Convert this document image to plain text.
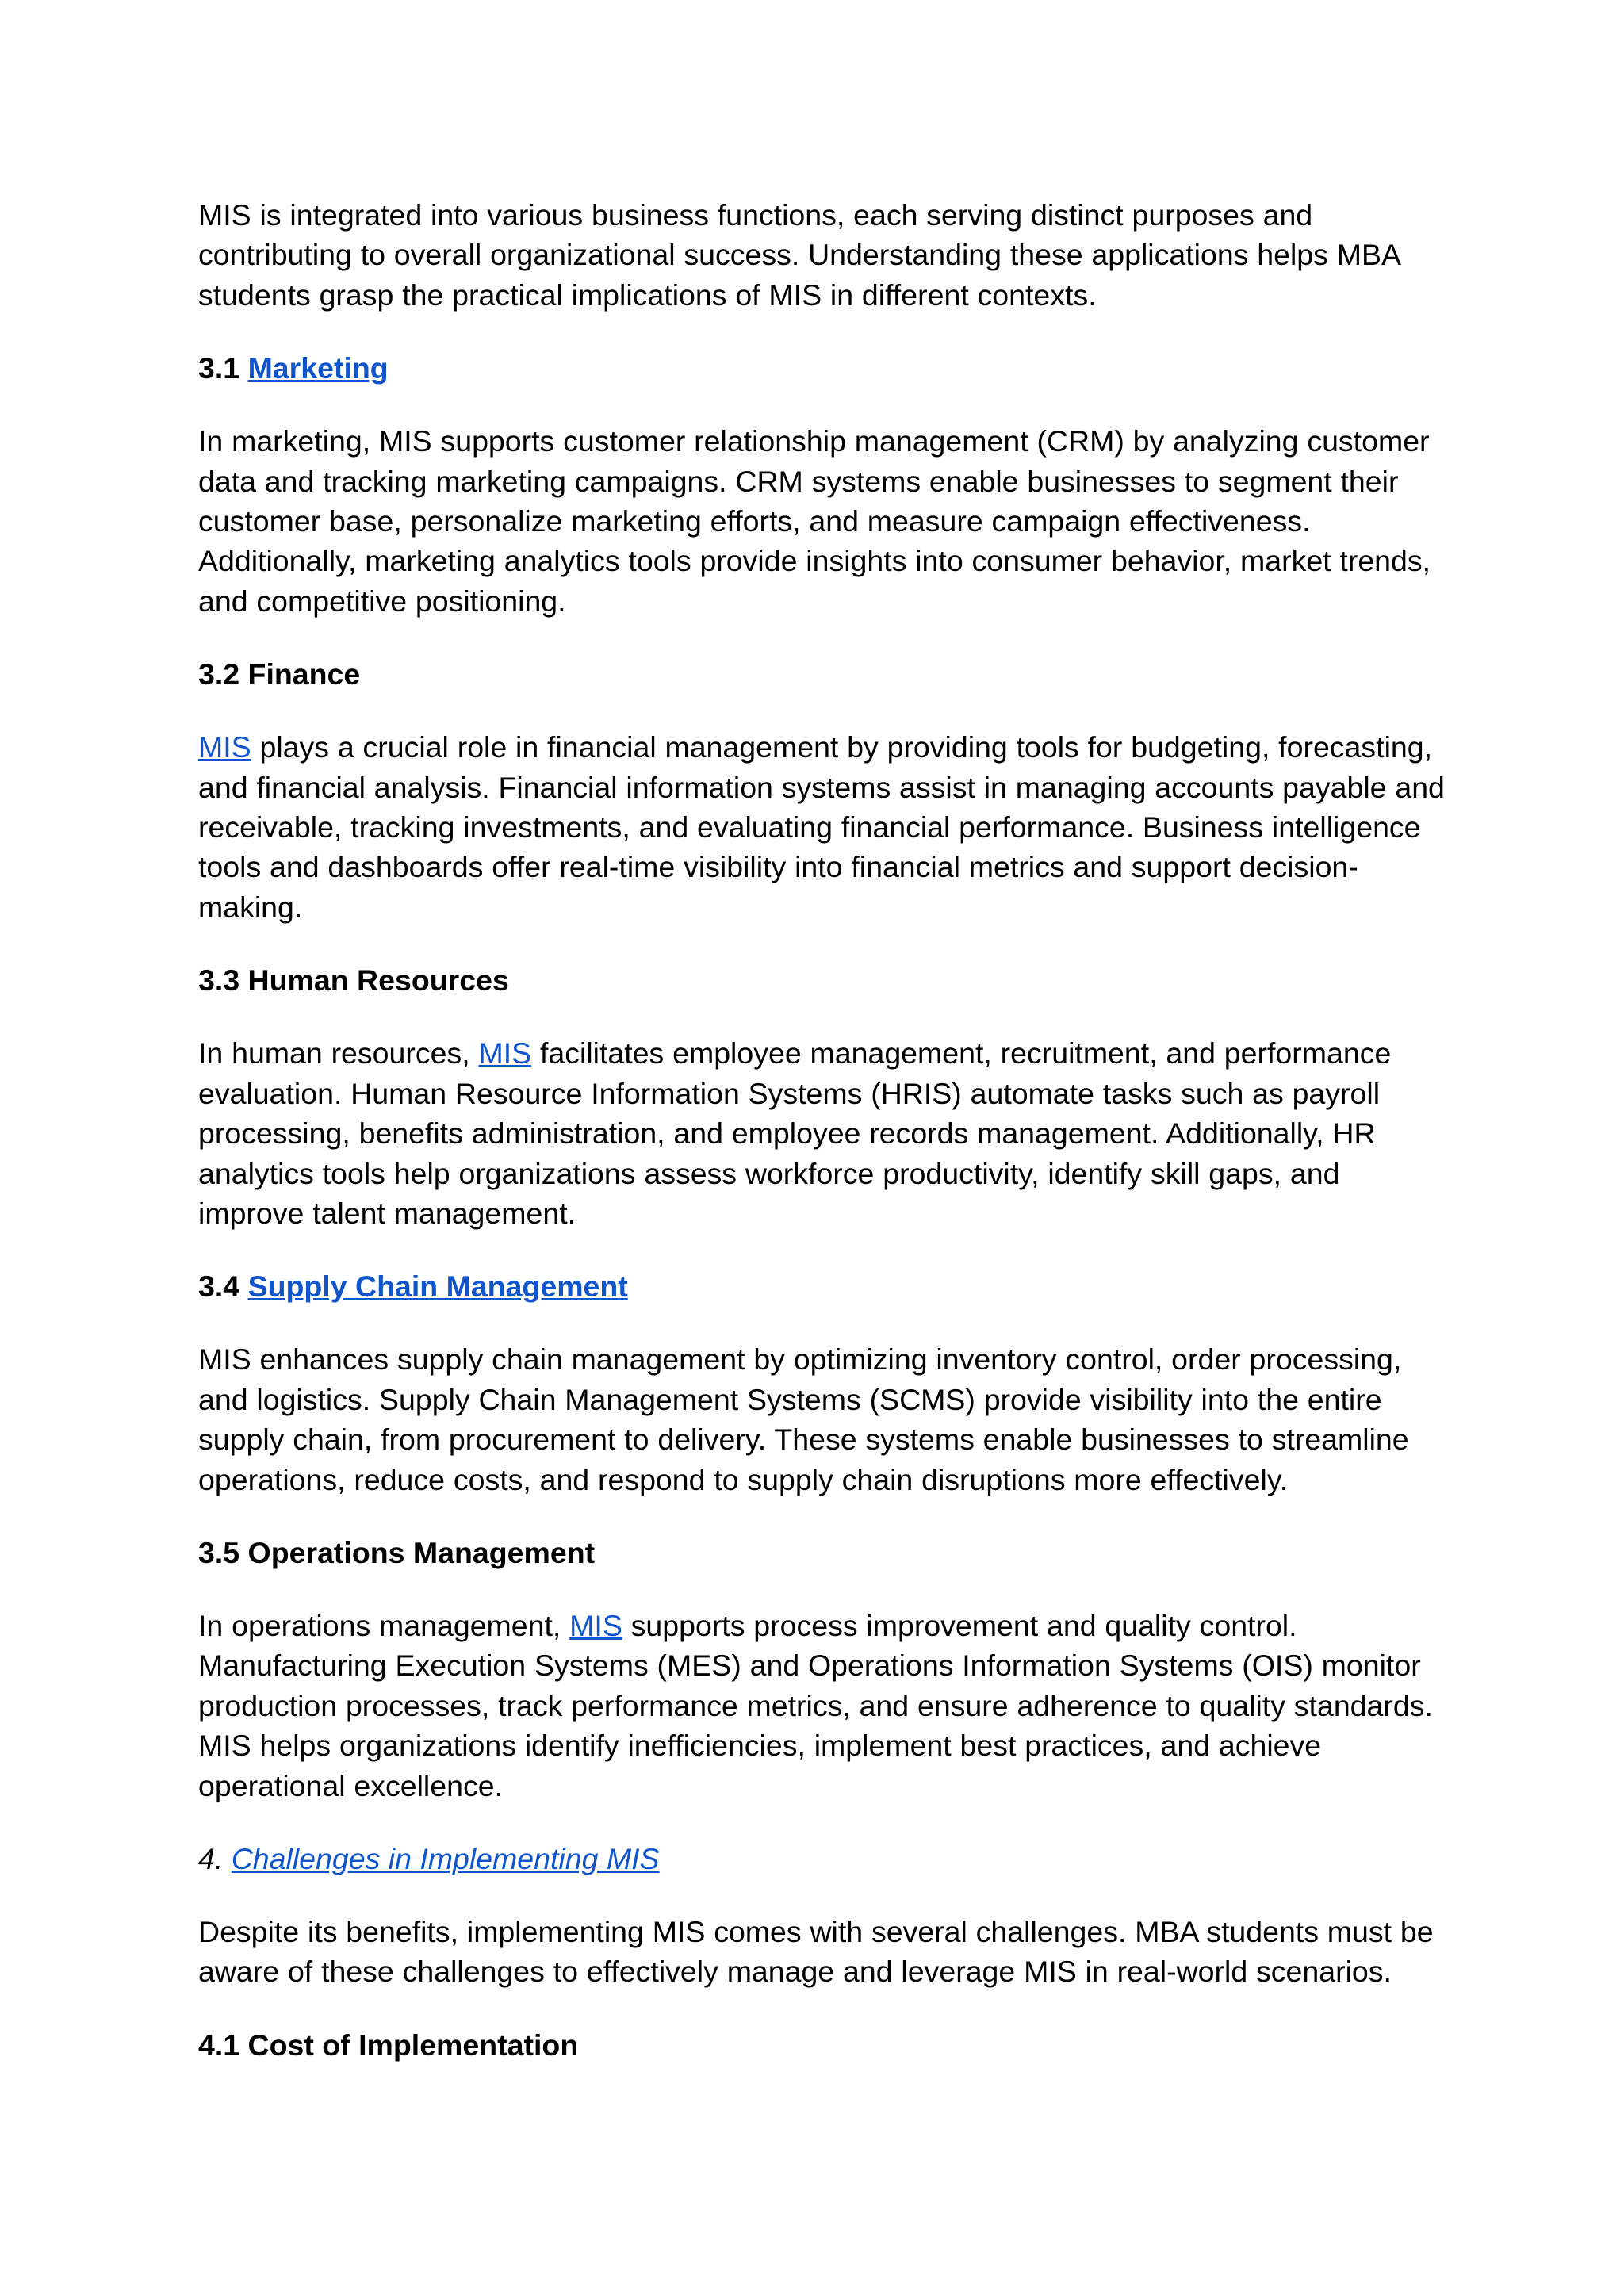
MIS is integrated into various business functions, each serving distinct purposes and contributing to overall organizational success. Understanding these applications helps MBA students grasp the practical implications of MIS in different contexts.

3.1 Marketing

In marketing, MIS supports customer relationship management (CRM) by analyzing customer data and tracking marketing campaigns. CRM systems enable businesses to segment their customer base, personalize marketing efforts, and measure campaign effectiveness. Additionally, marketing analytics tools provide insights into consumer behavior, market trends, and competitive positioning.

3.2 Finance

MIS plays a crucial role in financial management by providing tools for budgeting, forecasting, and financial analysis. Financial information systems assist in managing accounts payable and receivable, tracking investments, and evaluating financial performance. Business intelligence tools and dashboards offer real-time visibility into financial metrics and support decision-making.

3.3 Human Resources

In human resources, MIS facilitates employee management, recruitment, and performance evaluation. Human Resource Information Systems (HRIS) automate tasks such as payroll processing, benefits administration, and employee records management. Additionally, HR analytics tools help organizations assess workforce productivity, identify skill gaps, and improve talent management.

3.4 Supply Chain Management

MIS enhances supply chain management by optimizing inventory control, order processing, and logistics. Supply Chain Management Systems (SCMS) provide visibility into the entire supply chain, from procurement to delivery. These systems enable businesses to streamline operations, reduce costs, and respond to supply chain disruptions more effectively.

3.5 Operations Management

In operations management, MIS supports process improvement and quality control. Manufacturing Execution Systems (MES) and Operations Information Systems (OIS) monitor production processes, track performance metrics, and ensure adherence to quality standards. MIS helps organizations identify inefficiencies, implement best practices, and achieve operational excellence.

4. Challenges in Implementing MIS

Despite its benefits, implementing MIS comes with several challenges. MBA students must be aware of these challenges to effectively manage and leverage MIS in real-world scenarios.

4.1 Cost of Implementation
